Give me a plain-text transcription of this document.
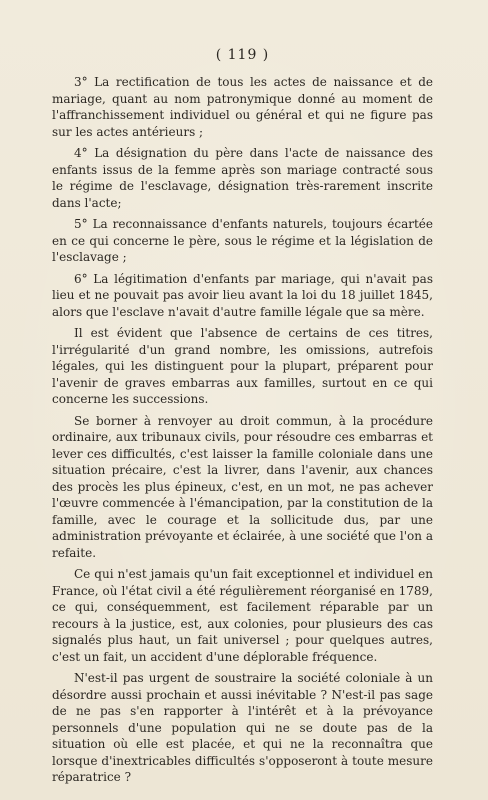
( 119 )

3° La rectification de tous les actes de naissance et de mariage, quant au nom patronymique donné au moment de l'affranchissement individuel ou général et qui ne figure pas sur les actes antérieurs ;

4° La désignation du père dans l'acte de naissance des enfants issus de la femme après son mariage contracté sous le régime de l'esclavage, désignation très-rarement inscrite dans l'acte;

5° La reconnaissance d'enfants naturels, toujours écartée en ce qui concerne le père, sous le régime et la législation de l'esclavage ;

6° La légitimation d'enfants par mariage, qui n'avait pas lieu et ne pouvait pas avoir lieu avant la loi du 18 juillet 1845, alors que l'esclave n'avait d'autre famille légale que sa mère.

Il est évident que l'absence de certains de ces titres, l'irrégularité d'un grand nombre, les omissions, autrefois légales, qui les distinguent pour la plupart, préparent pour l'avenir de graves embarras aux familles, surtout en ce qui concerne les successions.

Se borner à renvoyer au droit commun, à la procédure ordinaire, aux tribunaux civils, pour résoudre ces embarras et lever ces difficultés, c'est laisser la famille coloniale dans une situation précaire, c'est la livrer, dans l'avenir, aux chances des procès les plus épineux, c'est, en un mot, ne pas achever l'œuvre commencée à l'émancipation, par la constitution de la famille, avec le courage et la sollicitude dus, par une administration prévoyante et éclairée, à une société que l'on a refaite.

Ce qui n'est jamais qu'un fait exceptionnel et individuel en France, où l'état civil a été régulièrement réorganisé en 1789, ce qui, conséquemment, est facilement réparable par un recours à la justice, est, aux colonies, pour plusieurs des cas signalés plus haut, un fait universel ; pour quelques autres, c'est un fait, un accident d'une déplorable fréquence.

N'est-il pas urgent de soustraire la société coloniale à un désordre aussi prochain et aussi inévitable ? N'est-il pas sage de ne pas s'en rapporter à l'intérêt et à la prévoyance personnels d'une population qui ne se doute pas de la situation où elle est placée, et qui ne la reconnaîtra que lorsque d'inextricables difficultés s'opposeront à toute mesure réparatrice ?
